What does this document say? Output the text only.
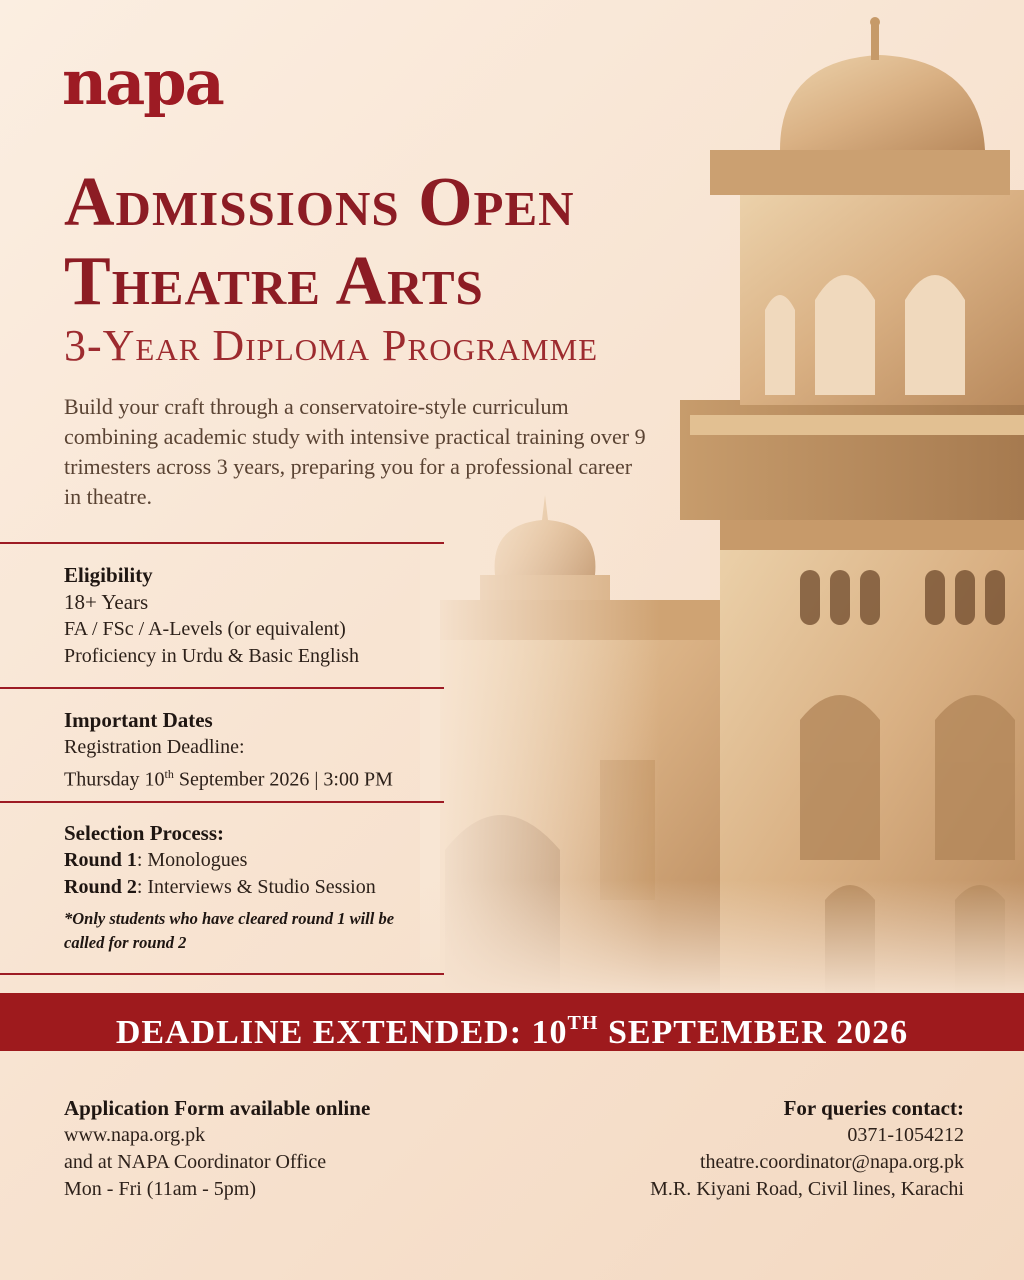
napa
Admissions Open
Theatre Arts
3-Year Diploma Programme
Build your craft through a conservatoire-style curriculum combining academic study with intensive practical training over 9 trimesters across 3 years, preparing you for a professional career in theatre.
Eligibility
18+ Years
FA / FSc / A-Levels (or equivalent)
Proficiency in Urdu & Basic English
Important Dates
Registration Deadline:
Thursday 10th September 2026 | 3:00 PM
Selection Process:
Round 1: Monologues
Round 2: Interviews & Studio Session
*Only students who have cleared round 1 will be called for round 2
DEADLINE EXTENDED: 10TH SEPTEMBER 2026
Application Form available online
www.napa.org.pk
and at NAPA Coordinator Office
Mon - Fri (11am - 5pm)
For queries contact:
0371-1054212
theatre.coordinator@napa.org.pk
M.R. Kiyani Road, Civil lines, Karachi
